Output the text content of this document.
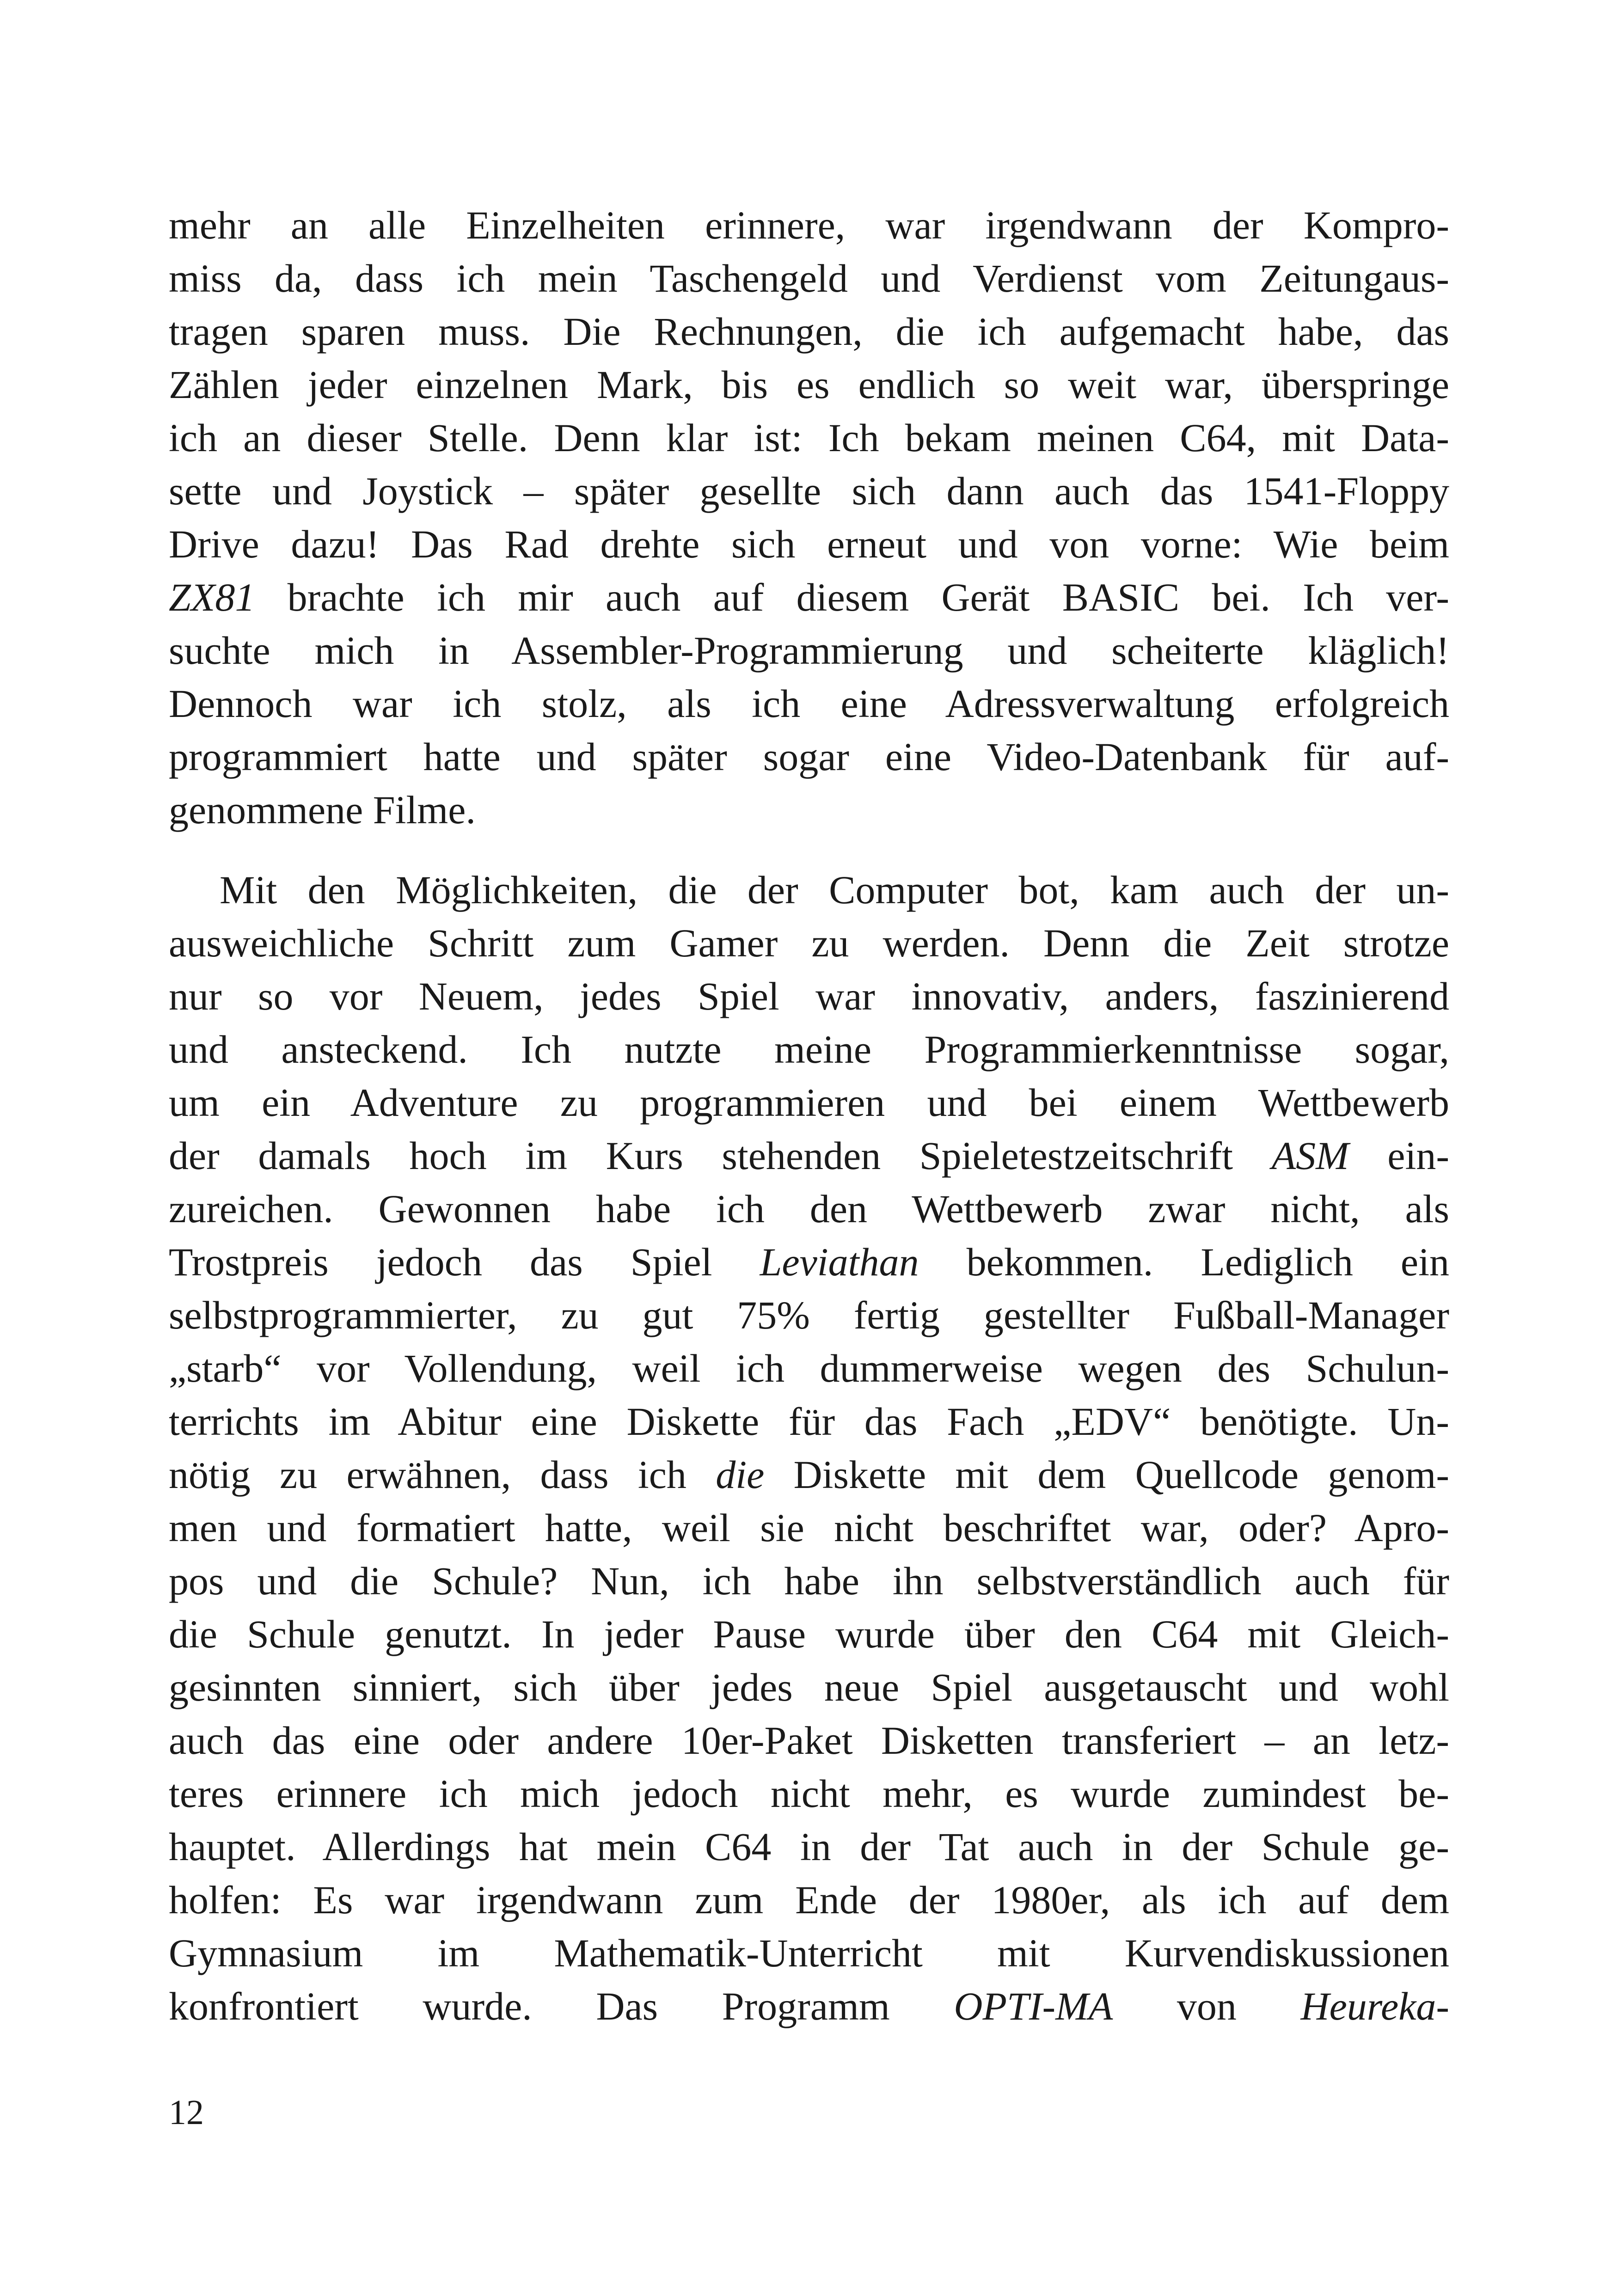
mehr an alle Einzelheiten erinnere, war irgendwann der Kompro-
miss da, dass ich mein Taschengeld und Verdienst vom Zeitungaus-
tragen sparen muss. Die Rechnungen, die ich aufgemacht habe, das
Zählen jeder einzelnen Mark, bis es endlich so weit war, überspringe
ich an dieser Stelle. Denn klar ist: Ich bekam meinen C64, mit Data-
sette und Joystick – später gesellte sich dann auch das 1541-Floppy
Drive dazu! Das Rad drehte sich erneut und von vorne: Wie beim
ZX81 brachte ich mir auch auf diesem Gerät BASIC bei. Ich ver-
suchte mich in Assembler-Programmierung und scheiterte kläglich!
Dennoch war ich stolz, als ich eine Adressverwaltung erfolgreich
programmiert hatte und später sogar eine Video-Datenbank für auf-
genommene Filme.
Mit den Möglichkeiten, die der Computer bot, kam auch der un-
ausweichliche Schritt zum Gamer zu werden. Denn die Zeit strotze
nur so vor Neuem, jedes Spiel war innovativ, anders, faszinierend
und ansteckend. Ich nutzte meine Programmierkenntnisse sogar,
um ein Adventure zu programmieren und bei einem Wettbewerb
der damals hoch im Kurs stehenden Spieletestzeitschrift ASM ein-
zureichen. Gewonnen habe ich den Wettbewerb zwar nicht, als
Trostpreis jedoch das Spiel Leviathan bekommen. Lediglich ein
selbstprogrammierter, zu gut 75% fertig gestellter Fußball-Manager
„starb“ vor Vollendung, weil ich dummerweise wegen des Schulun-
terrichts im Abitur eine Diskette für das Fach „EDV“ benötigte. Un-
nötig zu erwähnen, dass ich die Diskette mit dem Quellcode genom-
men und formatiert hatte, weil sie nicht beschriftet war, oder? Apro-
pos und die Schule? Nun, ich habe ihn selbstverständlich auch für
die Schule genutzt. In jeder Pause wurde über den C64 mit Gleich-
gesinnten sinniert, sich über jedes neue Spiel ausgetauscht und wohl
auch das eine oder andere 10er-Paket Disketten transferiert – an letz-
teres erinnere ich mich jedoch nicht mehr, es wurde zumindest be-
hauptet. Allerdings hat mein C64 in der Tat auch in der Schule ge-
holfen: Es war irgendwann zum Ende der 1980er, als ich auf dem
Gymnasium im Mathematik-Unterricht mit Kurvendiskussionen
konfrontiert wurde. Das Programm OPTI-MA von Heureka-
12
